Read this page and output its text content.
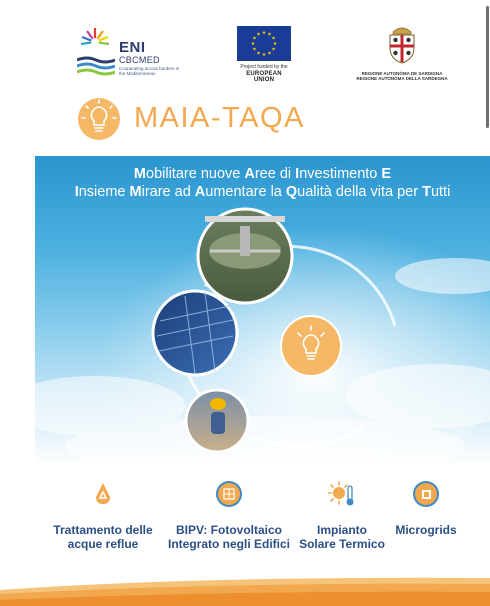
ENI
CBCMED
Cooperating across borders in the Mediterranean
Project funded by the
EUROPEAN UNION
REGIONE AUTONÒMA DE SARDIGNA
REGIONE AUTONOMA DELLA SARDEGNA
MAIA-TAQA
Mobilitare nuove Aree di Investimento E
Insieme Mirare ad Aumentare la Qualità della vita per Tutti
Trattamento delle
acque reflue
BIPV: Fotovoltaico
Integrato negli Edifici
Impianto
Solare Termico
Microgrids
